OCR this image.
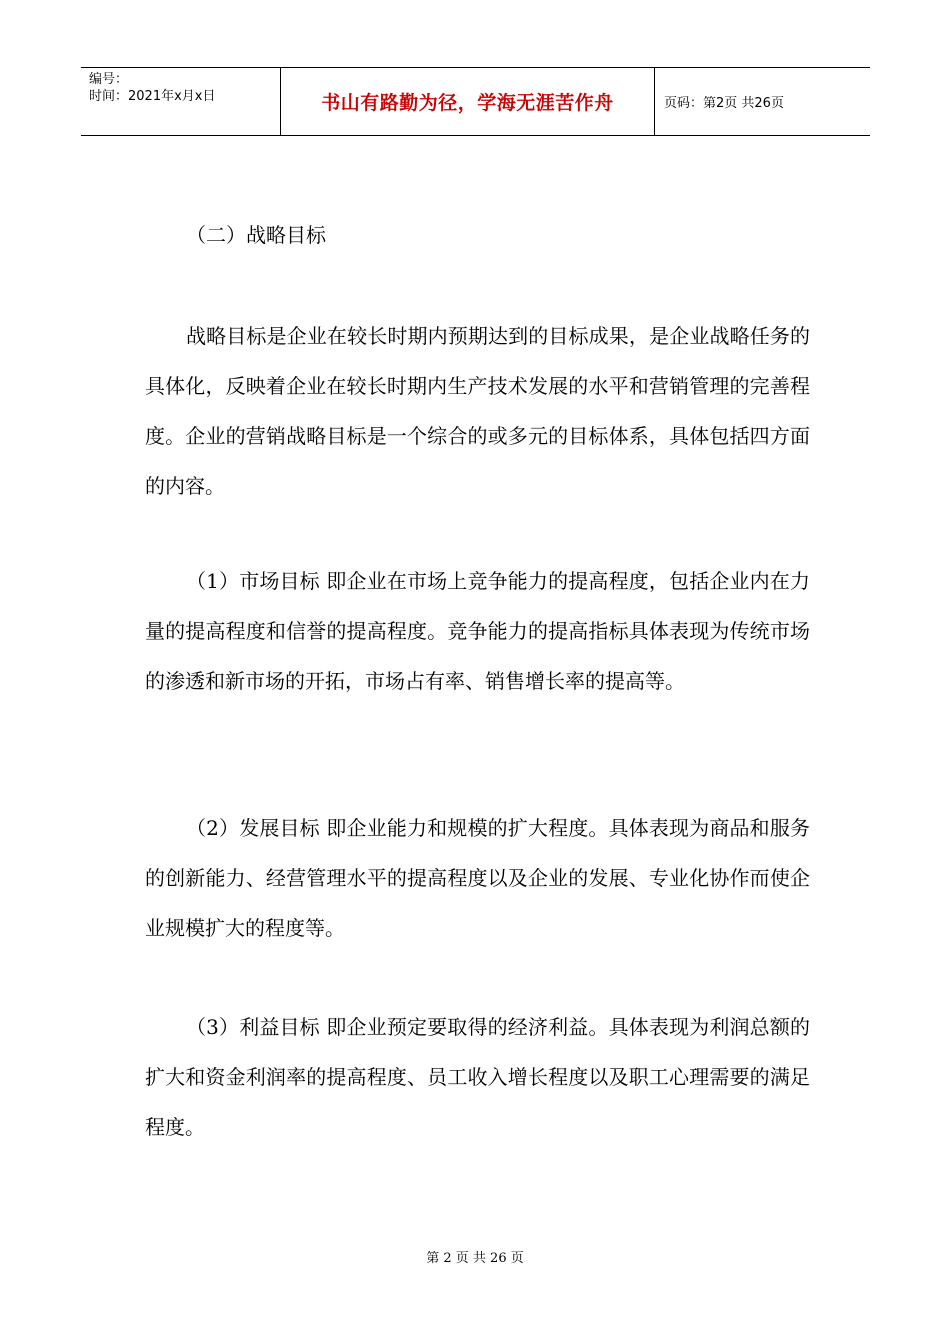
编号：
时间：2021年x月x日	书山有路勤为径，学海无涯苦作舟	页码：第2页 共26页
（二）战略目标

战略目标是企业在较长时期内预期达到的目标成果，是企业战略任务的具体化，反映着企业在较长时期内生产技术发展的水平和营销管理的完善程度。企业的营销战略目标是一个综合的或多元的目标体系，具体包括四方面的内容。

（1）市场目标 即企业在市场上竞争能力的提高程度，包括企业内在力量的提高程度和信誉的提高程度。竞争能力的提高指标具体表现为传统市场的渗透和新市场的开拓，市场占有率、销售增长率的提高等。

（2）发展目标 即企业能力和规模的扩大程度。具体表现为商品和服务的创新能力、经营管理水平的提高程度以及企业的发展、专业化协作而使企业规模扩大的程度等。

（3）利益目标 即企业预定要取得的经济利益。具体表现为利润总额的扩大和资金利润率的提高程度、员工收入增长程度以及职工心理需要的满足程度。

第 2 页 共 26 页
